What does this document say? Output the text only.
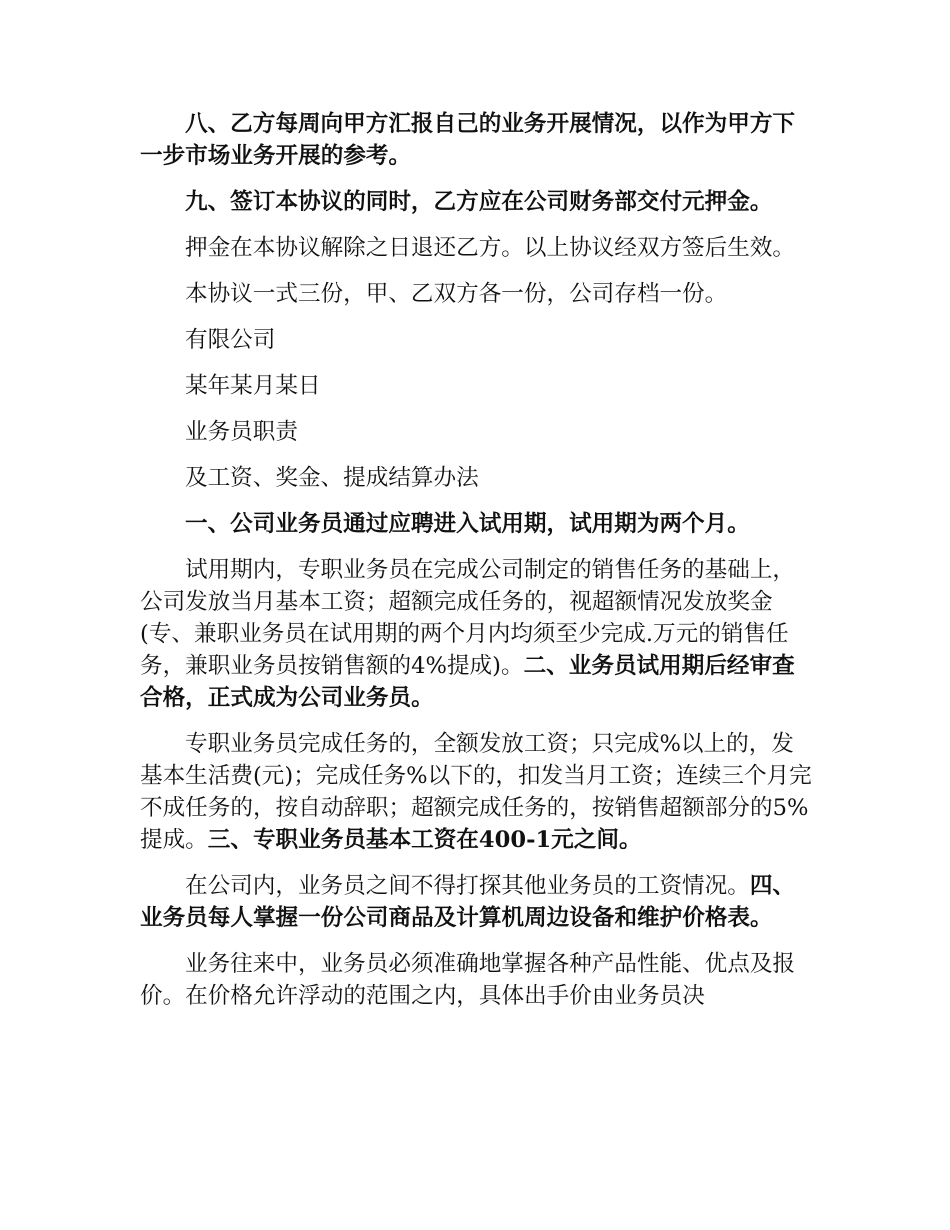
八、乙方每周向甲方汇报自己的业务开展情况，以作为甲方下一步市场业务开展的参考。

九、签订本协议的同时，乙方应在公司财务部交付元押金。

押金在本协议解除之日退还乙方。以上协议经双方签后生效。

本协议一式三份，甲、乙双方各一份，公司存档一份。

有限公司

某年某月某日

业务员职责

及工资、奖金、提成结算办法

一、公司业务员通过应聘进入试用期，试用期为两个月。

试用期内，专职业务员在完成公司制定的销售任务的基础上，公司发放当月基本工资；超额完成任务的，视超额情况发放奖金(专、兼职业务员在试用期的两个月内均须至少完成.万元的销售任务，兼职业务员按销售额的4%提成)。二、业务员试用期后经审查合格，正式成为公司业务员。

专职业务员完成任务的，全额发放工资；只完成%以上的，发基本生活费(元)；完成任务%以下的，扣发当月工资；连续三个月完不成任务的，按自动辞职；超额完成任务的，按销售超额部分的5%提成。三、专职业务员基本工资在400-1元之间。

在公司内，业务员之间不得打探其他业务员的工资情况。四、业务员每人掌握一份公司商品及计算机周边设备和维护价格表。

业务往来中，业务员必须准确地掌握各种产品性能、优点及报价。在价格允许浮动的范围之内，具体出手价由业务员决
